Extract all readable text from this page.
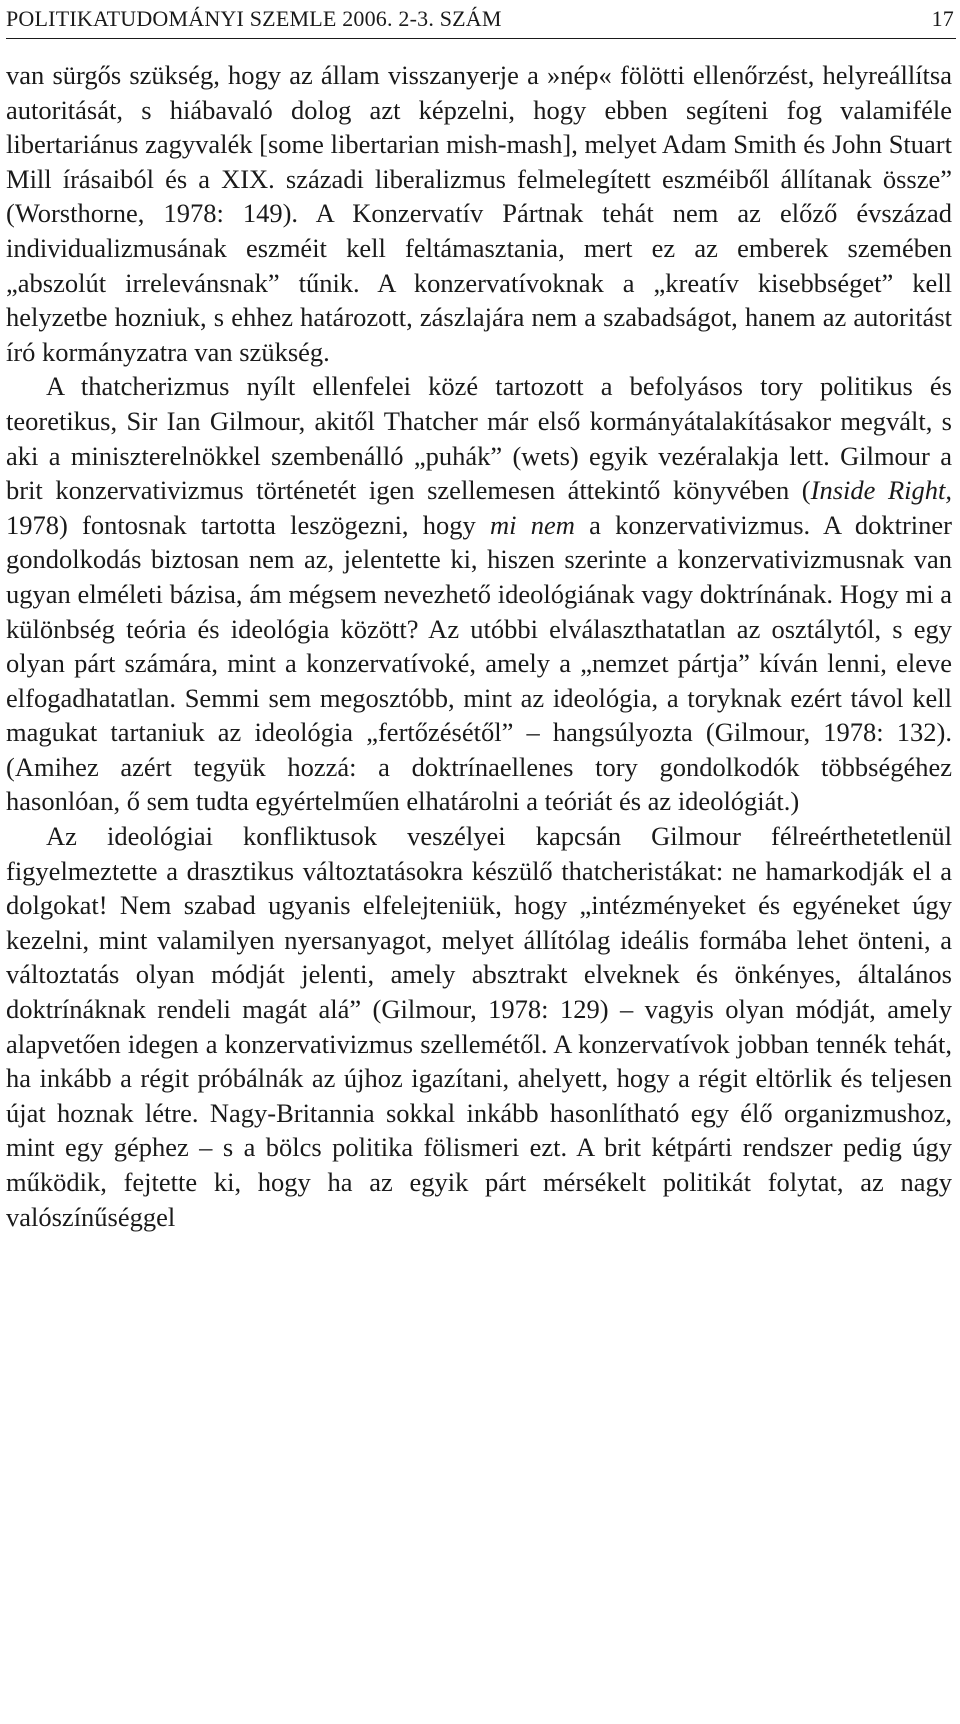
POLITIKATUDOMÁNYI SZEMLE 2006. 2-3. SZÁM	17

van sürgős szükség, hogy az állam visszanyerje a »nép« fölötti ellenőrzést, helyreállítsa autoritását, s hiábavaló dolog azt képzelni, hogy ebben segíteni fog valamiféle libertariánus zagyvalék [some libertarian mish-mash], melyet Adam Smith és John Stuart Mill írásaiból és a XIX. századi liberalizmus felmelegített eszméiből állítanak össze” (Worsthorne, 1978: 149). A Konzervatív Pártnak tehát nem az előző évszázad individualizmusának eszméit kell feltámasztania, mert ez az emberek szemében „abszolút irrelevánsnak” tűnik. A konzervatívoknak a „kreatív kisebbséget” kell helyzetbe hozniuk, s ehhez határozott, zászlajára nem a szabadságot, hanem az autoritást író kormányzatra van szükség.

A thatcherizmus nyílt ellenfelei közé tartozott a befolyásos tory politikus és teoretikus, Sir Ian Gilmour, akitől Thatcher már első kormányátalakításakor megvált, s aki a miniszterelnökkel szembenálló „puhák” (wets) egyik vezéralakja lett. Gilmour a brit konzervativizmus történetét igen szellemesen áttekintő könyvében (Inside Right, 1978) fontosnak tartotta leszögezni, hogy mi nem a konzervativizmus. A doktriner gondolkodás biztosan nem az, jelentette ki, hiszen szerinte a konzervativizmusnak van ugyan elméleti bázisa, ám mégsem nevezhető ideológiának vagy doktrínának. Hogy mi a különbség teória és ideológia között? Az utóbbi elválaszthatatlan az osztálytól, s egy olyan párt számára, mint a konzervatívoké, amely a „nemzet pártja” kíván lenni, eleve elfogadhatatlan. Semmi sem megosztóbb, mint az ideológia, a toryknak ezért távol kell magukat tartaniuk az ideológia „fertőzésétől” – hangsúlyozta (Gilmour, 1978: 132). (Amihez azért tegyük hozzá: a doktrínaellenes tory gondolkodók többségéhez hasonlóan, ő sem tudta egyértelműen elhatárolni a teóriát és az ideológiát.)

Az ideológiai konfliktusok veszélyei kapcsán Gilmour félreérthetetlenül figyelmeztette a drasztikus változtatásokra készülő thatcheristákat: ne hamarkodják el a dolgokat! Nem szabad ugyanis elfelejteniük, hogy „intézményeket és egyéneket úgy kezelni, mint valamilyen nyersanyagot, melyet állítólag ideális formába lehet önteni, a változtatás olyan módját jelenti, amely absztrakt elveknek és önkényes, általános doktrínáknak rendeli magát alá” (Gilmour, 1978: 129) – vagyis olyan módját, amely alapvetően idegen a konzervativizmus szellemétől. A konzervatívok jobban tennék tehát, ha inkább a régit próbálnák az újhoz igazítani, ahelyett, hogy a régit eltörlik és teljesen újat hoznak létre. Nagy-Britannia sokkal inkább hasonlítható egy élő organizmushoz, mint egy géphez – s a bölcs politika fölismeri ezt. A brit kétpárti rendszer pedig úgy működik, fejtette ki, hogy ha az egyik párt mérsékelt politikát folytat, az nagy valószínűséggel
